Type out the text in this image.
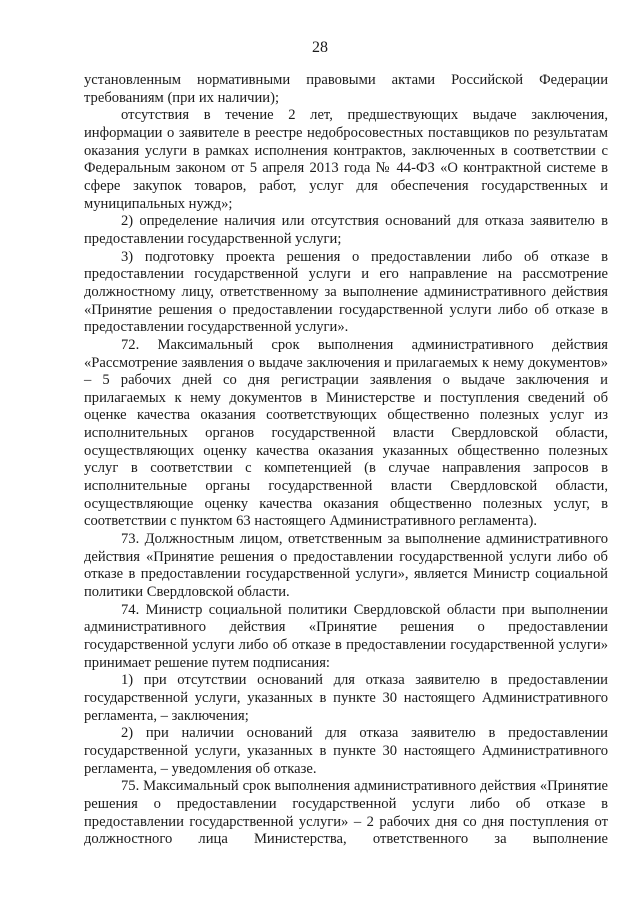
28

установленным нормативными правовыми актами Российской Федерации требованиям (при их наличии);

отсутствия в течение 2 лет, предшествующих выдаче заключения, информации о заявителе в реестре недобросовестных поставщиков по результатам оказания услуги в рамках исполнения контрактов, заключенных в соответствии с Федеральным законом от 5 апреля 2013 года № 44-ФЗ «О контрактной системе в сфере закупок товаров, работ, услуг для обеспечения государственных и муниципальных нужд»;

2) определение наличия или отсутствия оснований для отказа заявителю в предоставлении государственной услуги;

3) подготовку проекта решения о предоставлении либо об отказе в предоставлении государственной услуги и его направление на рассмотрение должностному лицу, ответственному за выполнение административного действия «Принятие решения о предоставлении государственной услуги либо об отказе в предоставлении государственной услуги».

72. Максимальный срок выполнения административного действия «Рассмотрение заявления о выдаче заключения и прилагаемых к нему документов» – 5 рабочих дней со дня регистрации заявления о выдаче заключения и прилагаемых к нему документов в Министерстве и поступления сведений об оценке качества оказания соответствующих общественно полезных услуг из исполнительных органов государственной власти Свердловской области, осуществляющих оценку качества оказания указанных общественно полезных услуг в соответствии с компетенцией (в случае направления запросов в исполнительные органы государственной власти Свердловской области, осуществляющие оценку качества оказания общественно полезных услуг, в соответствии с пунктом 63 настоящего Административного регламента).

73. Должностным лицом, ответственным за выполнение административного действия «Принятие решения о предоставлении государственной услуги либо об отказе в предоставлении государственной услуги», является Министр социальной политики Свердловской области.

74. Министр социальной политики Свердловской области при выполнении административного действия «Принятие решения о предоставлении государственной услуги либо об отказе в предоставлении государственной услуги» принимает решение путем подписания:

1) при отсутствии оснований для отказа заявителю в предоставлении государственной услуги, указанных в пункте 30 настоящего Административного регламента, – заключения;

2) при наличии оснований для отказа заявителю в предоставлении государственной услуги, указанных в пункте 30 настоящего Административного регламента, – уведомления об отказе.

75. Максимальный срок выполнения административного действия «Принятие решения о предоставлении государственной услуги либо об отказе в предоставлении государственной услуги» – 2 рабочих дня со дня поступления от должностного лица Министерства, ответственного за выполнение
